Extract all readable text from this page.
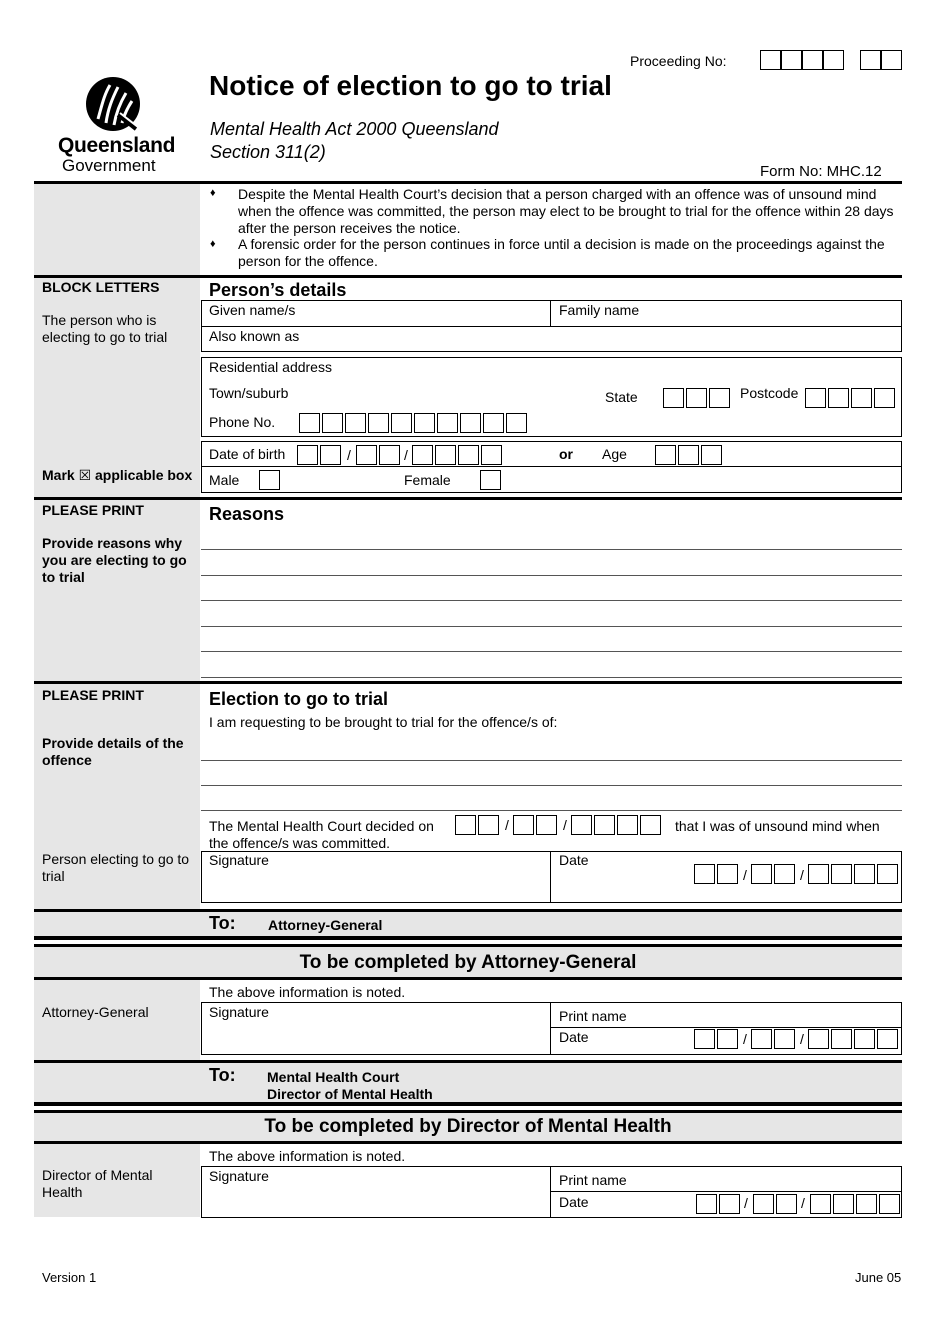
Queensland
Government
Proceeding No:
Notice of election to go to trial
Mental Health Act 2000 Queensland
Section 311(2)
Form No: MHC.12
♦ Despite the Mental Health Court’s decision that a person charged with an offence was of unsound mind when the offence was committed, the person may elect to be brought to trial for the offence within 28 days after the person receives the notice.
♦ A forensic order for the person continues in force until a decision is made on the proceedings against the person for the offence.
BLOCK LETTERS
The person who is electing to go to trial
Mark ☒ applicable box
Person’s details
Given name/s	Family name
Also known as
Residential address
Town/suburb	State	Postcode
Phone No.
Date of birth	/	/	or Age
Male	Female
PLEASE PRINT
Provide reasons why you are electing to go to trial
Reasons
PLEASE PRINT
Provide details of the offence
Person electing to go to trial
Election to go to trial
I am requesting to be brought to trial for the offence/s of:
The Mental Health Court decided on	/	/	that I was of unsound mind when
the offence/s was committed.
Signature	Date
/	/
To: Attorney-General
To be completed by Attorney-General
Attorney-General
The above information is noted.
Signature	Print name
Date	/	/
To: Mental Health Court
Director of Mental Health
To be completed by Director of Mental Health
Director of Mental Health
The above information is noted.
Signature	Print name
Date	/	/
Version 1	June 05
